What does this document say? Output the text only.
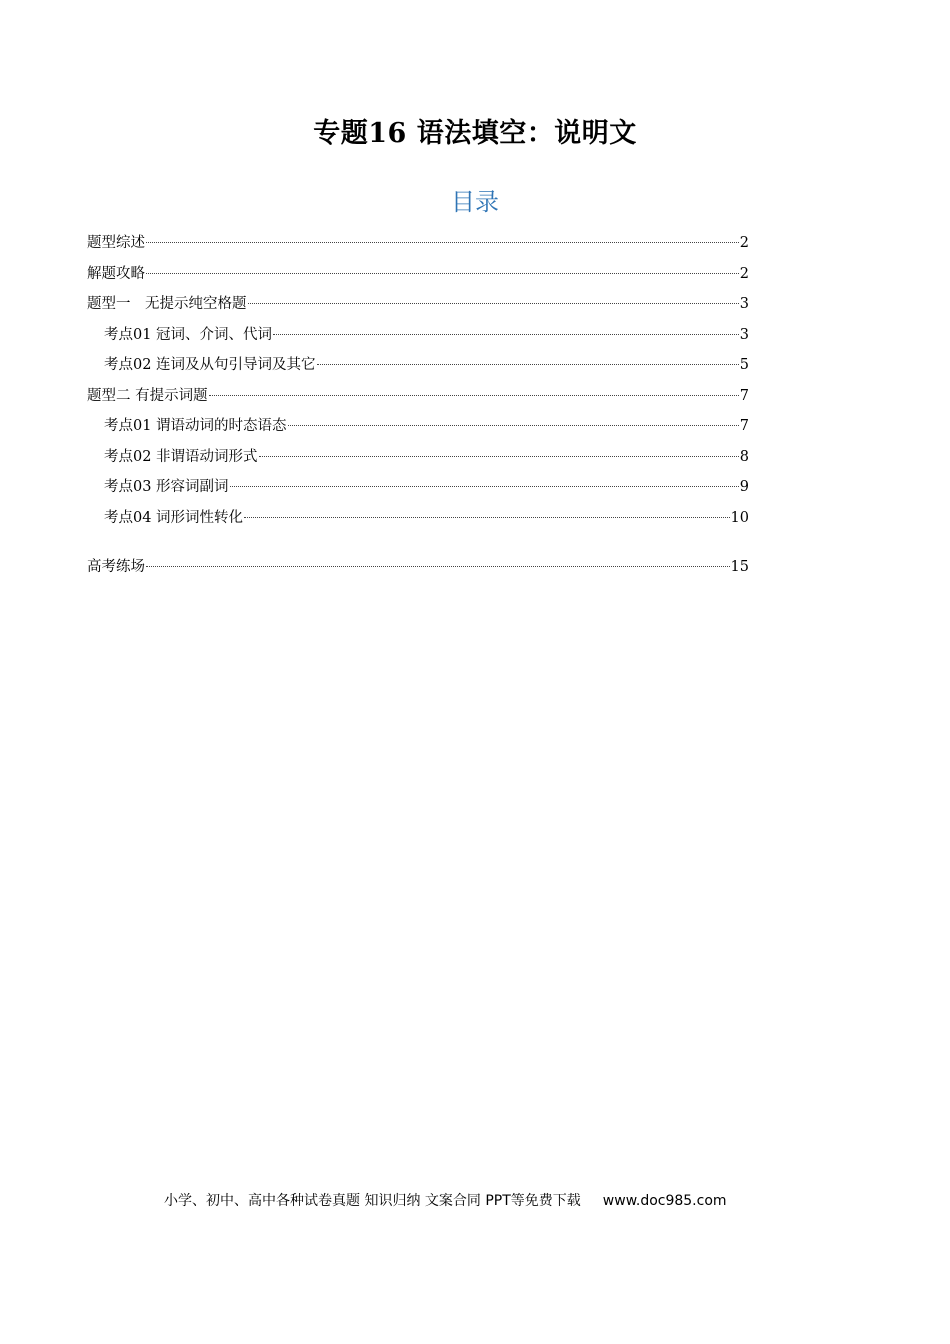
专题16 语法填空：说明文
目录
题型综述	2
解题攻略	2
题型一　无提示纯空格题	3
考点01 冠词、介词、代词	3
考点02 连词及从句引导词及其它	5
题型二 有提示词题	7
考点01 谓语动词的时态语态	7
考点02 非谓语动词形式	8
考点03 形容词副词	9
考点04 词形词性转化	10
高考练场	15
小学、初中、高中各种试卷真题 知识归纳 文案合同 PPT等免费下载 www.doc985.com
